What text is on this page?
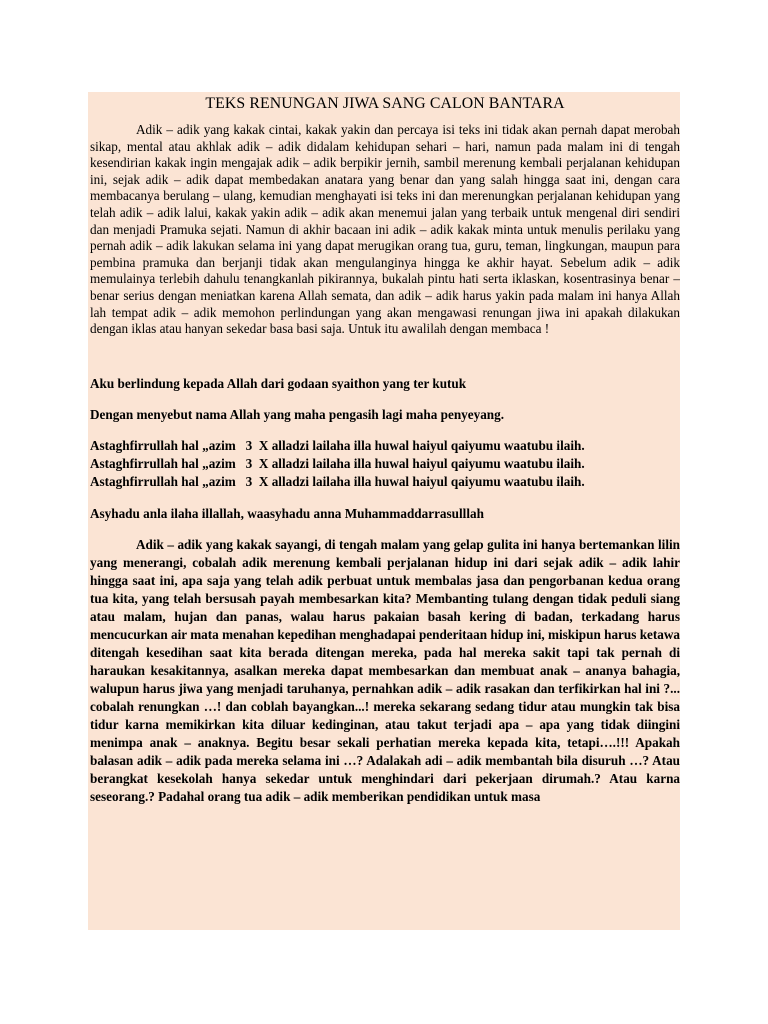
TEKS RENUNGAN JIWA SANG CALON BANTARA

Adik – adik yang kakak cintai, kakak yakin dan percaya isi teks ini tidak akan pernah dapat merobah sikap, mental atau akhlak adik – adik didalam kehidupan sehari – hari, namun pada malam ini di tengah kesendirian kakak ingin mengajak adik – adik berpikir jernih, sambil merenung kembali perjalanan kehidupan ini, sejak adik – adik dapat membedakan anatara yang benar dan yang salah hingga saat ini, dengan cara membacanya berulang – ulang, kemudian menghayati isi teks ini dan merenungkan perjalanan kehidupan yang telah adik – adik lalui, kakak yakin adik – adik akan menemui jalan yang terbaik untuk mengenal diri sendiri dan menjadi Pramuka sejati. Namun di akhir bacaan ini adik – adik kakak minta untuk menulis perilaku yang pernah adik – adik lakukan selama ini yang dapat merugikan orang tua, guru, teman, lingkungan, maupun para pembina pramuka dan berjanji tidak akan mengulanginya hingga ke akhir hayat. Sebelum adik – adik memulainya terlebih dahulu tenangkanlah pikirannya, bukalah pintu hati serta iklaskan, kosentrasinya benar – benar serius dengan meniatkan karena Allah semata, dan adik – adik harus yakin pada malam ini hanya Allah lah tempat adik – adik memohon perlindungan yang akan mengawasi renungan jiwa ini apakah dilakukan dengan iklas atau hanyan sekedar basa basi saja. Untuk itu awalilah dengan membaca !

Aku berlindung kepada Allah dari godaan syaithon yang ter kutuk

Dengan menyebut nama Allah yang maha pengasih lagi maha penyeyang.

Astaghfirrullah hal „azim   3  X alladzi lailaha illa huwal haiyul qaiyumu waatubu ilaih.

Astaghfirrullah hal „azim   3  X alladzi lailaha illa huwal haiyul qaiyumu waatubu ilaih.

Astaghfirrullah hal „azim   3  X alladzi lailaha illa huwal haiyul qaiyumu waatubu ilaih.

Asyhadu anla ilaha illallah, waasyhadu anna Muhammaddarrasulllah

Adik – adik yang kakak sayangi, di tengah malam yang gelap gulita ini hanya bertemankan lilin yang menerangi, cobalah adik merenung kembali perjalanan hidup ini dari sejak adik – adik lahir hingga saat ini, apa saja yang telah adik perbuat untuk membalas jasa dan pengorbanan kedua orang tua kita, yang telah bersusah payah membesarkan kita? Membanting tulang dengan tidak peduli siang atau malam, hujan dan panas, walau harus pakaian basah kering di badan, terkadang harus mencucurkan air mata menahan kepedihan menghadapai penderitaan hidup ini, miskipun harus ketawa ditengah kesedihan saat kita berada ditengan mereka, pada hal mereka sakit tapi tak pernah di haraukan kesakitannya, asalkan mereka dapat membesarkan dan membuat anak – ananya bahagia, walupun harus jiwa yang menjadi taruhanya, pernahkan adik – adik rasakan dan terfikirkan hal ini ?... cobalah renungkan …! dan coblah bayangkan...! mereka sekarang sedang tidur atau mungkin tak bisa tidur karna memikirkan kita diluar kedinginan, atau takut terjadi apa – apa yang tidak diingini menimpa anak – anaknya. Begitu besar sekali perhatian mereka kepada kita, tetapi….!!! Apakah balasan adik – adik pada mereka selama ini …? Adalakah adi – adik membantah bila disuruh …? Atau berangkat kesekolah hanya sekedar untuk menghindari dari pekerjaan dirumah.? Atau karna seseorang.? Padahal orang tua adik – adik memberikan pendidikan untuk masa
